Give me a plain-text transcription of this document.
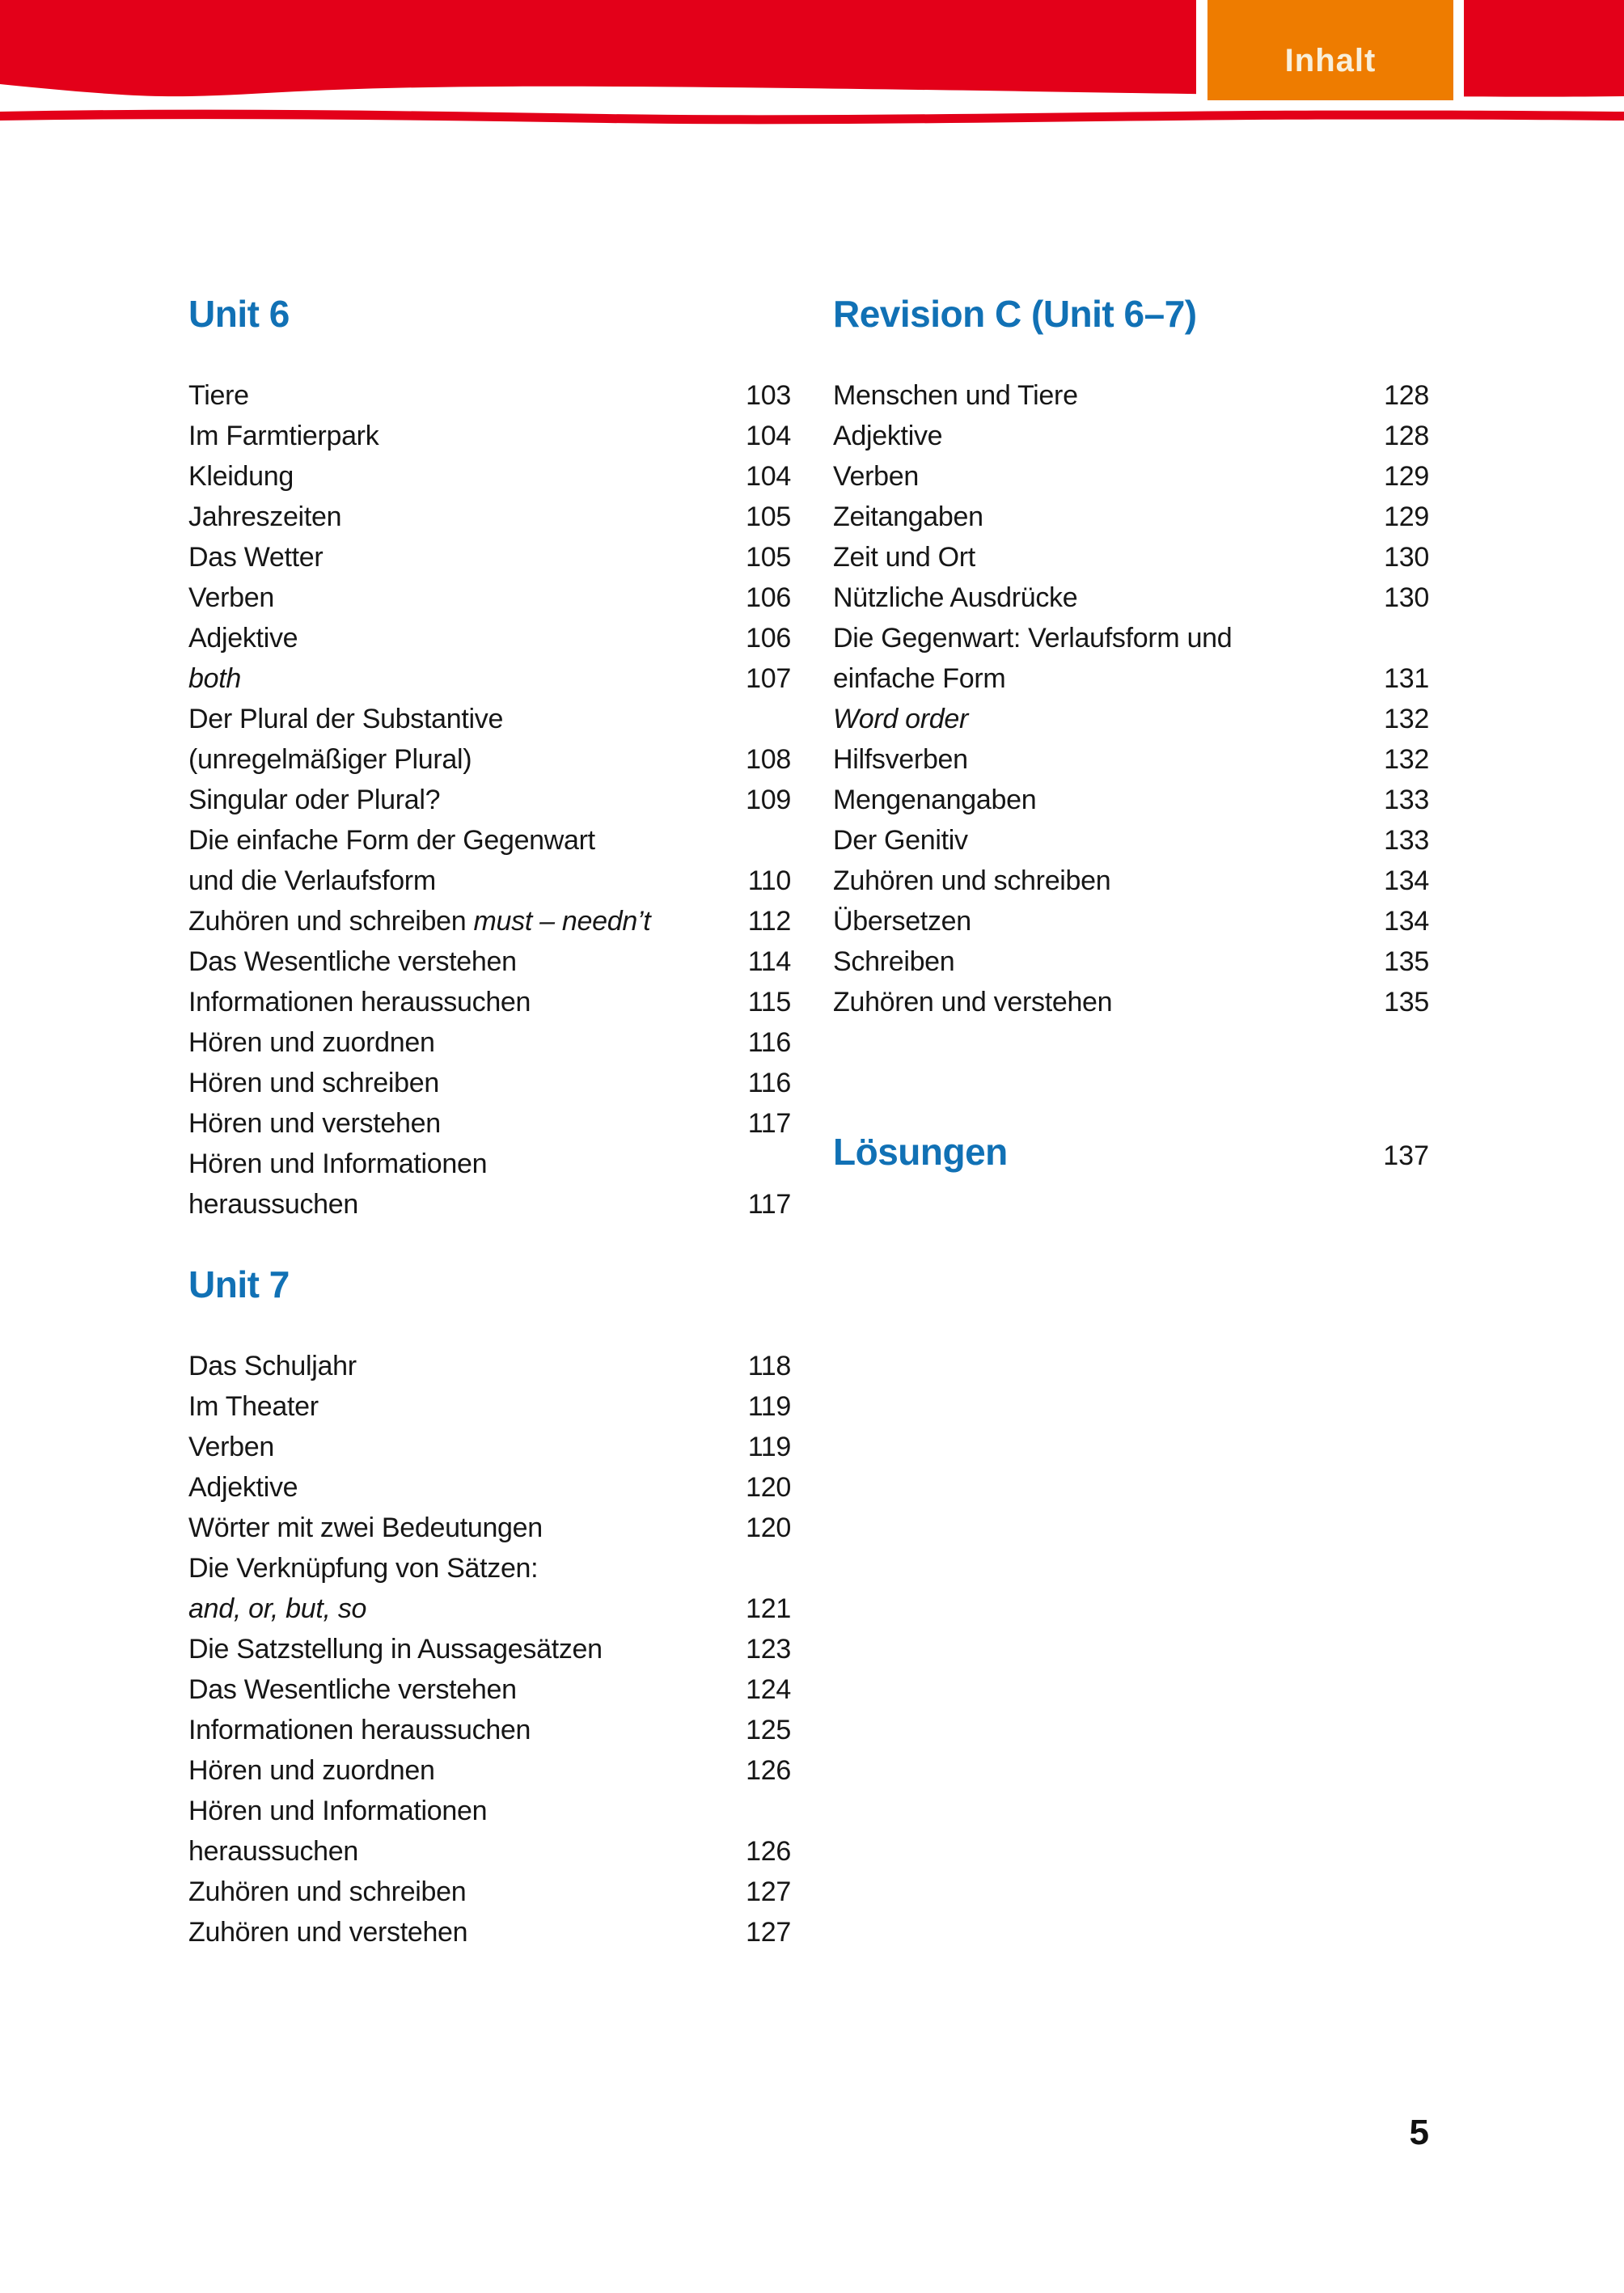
Inhalt
Unit 6
Tiere	103
Im Farmtierpark	104
Kleidung	104
Jahreszeiten	105
Das Wetter	105
Verben	106
Adjektive	106
both	107
Der Plural der Substantive
(unregelmäßiger Plural)	108
Singular oder Plural?	109
Die einfache Form der Gegenwart
und die Verlaufsform	110
Zuhören und schreiben must – needn’t	112
Das Wesentliche verstehen	114
Informationen heraussuchen	115
Hören und zuordnen	116
Hören und schreiben	116
Hören und verstehen	117
Hören und Informationen
heraussuchen	117
Unit 7
Das Schuljahr	118
Im Theater	119
Verben	119
Adjektive	120
Wörter mit zwei Bedeutungen	120
Die Verknüpfung von Sätzen:
and, or, but, so	121
Die Satzstellung in Aussagesätzen	123
Das Wesentliche verstehen	124
Informationen heraussuchen	125
Hören und zuordnen	126
Hören und Informationen
heraussuchen	126
Zuhören und schreiben	127
Zuhören und verstehen	127
Revision C (Unit 6–7)
Menschen und Tiere	128
Adjektive	128
Verben	129
Zeitangaben	129
Zeit und Ort	130
Nützliche Ausdrücke	130
Die Gegenwart: Verlaufsform und
einfache Form	131
Word order	132
Hilfsverben	132
Mengenangaben	133
Der Genitiv	133
Zuhören und schreiben	134
Übersetzen	134
Schreiben	135
Zuhören und verstehen	135
Lösungen	137
5
